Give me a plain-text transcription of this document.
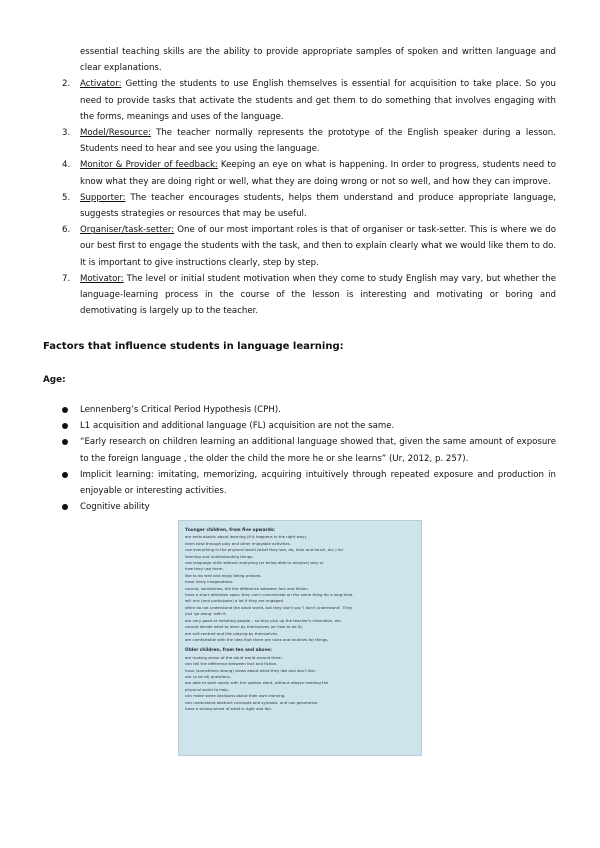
essential teaching skills are the ability to provide appropriate samples of spoken and written language and clear explanations.
2. Activator: Getting the students to use English themselves is essential for acquisition to take place. So you need to provide tasks that activate the students and get them to do something that involves engaging with the forms, meanings and uses of the language.
3. Model/Resource: The teacher normally represents the prototype of the English speaker during a lesson. Students need to hear and see you using the language.
4. Monitor & Provider of feedback: Keeping an eye on what is happening. In order to progress, students need to know what they are doing right or well, what they are doing wrong or not so well, and how they can improve.
5. Supporter: The teacher encourages students, helps them understand and produce appropriate language, suggests strategies or resources that may be useful.
6. Organiser/task-setter: One of our most important roles is that of organiser or task-setter. This is where we do our best first to engage the students with the task, and then to explain clearly what we would like them to do. It is important to give instructions clearly, step by step.
7. Motivator: The level or initial student motivation when they come to study English may vary, but whether the language-learning process in the course of the lesson is interesting and motivating or boring and demotivating is largely up to the teacher.
Factors that influence students in language learning:
Age:
Lennenberg’s Critical Period Hypothesis (CPH).
L1 acquisition and additional language (FL) acquisition are not the same.
“Early research on children learning an additional language showed that, given the same amount of exposure to the foreign language , the older the child the more he or she learns” (Ur, 2012, p. 257).
Implicit learning: imitating, memorizing, acquiring intuitively through repeated exposure and production in enjoyable or interesting activities.
Cognitive ability
Younger children, from five upwards:
are enthusiastic about learning (if it happens in the right way).
learn best through play and other enjoyable activities.
use everything in the physical world (what they see, do, hear and touch, etc.) for
learning and understanding things.
use language skills without analysing (or being able to analyse) why or
how they use them.
like to do well and enjoy being praised.
have lively imaginations.
cannot, sometimes, tell the difference between fact and fiction.
have a short attention span: they can't concentrate on the same thing for a long time.
will mix (and participate) a lot if they are engaged.
often do not understand the adult world, but they don't say 'I don't understand'. They
just 'go along' with it.
are very good at imitating people – so they pick up the teacher's intonation, etc.
cannot decide what to learn by themselves (or how to do it).
are self-centred and like playing by themselves.
are comfortable with the idea that there are rules and routines for things.
Older children, from ten and above:
are making sense of the adult world around them.
can tell the difference between fact and fiction.
have (sometimes strong) views about what they like and don't like.
ask (a lot of) questions.
are able to work solely with the spoken word, without always needing the
physical world to help.
can make some decisions about their own learning.
can understand abstract concepts and symbols, and can generalise.
have a strong sense of what is right and fair.
